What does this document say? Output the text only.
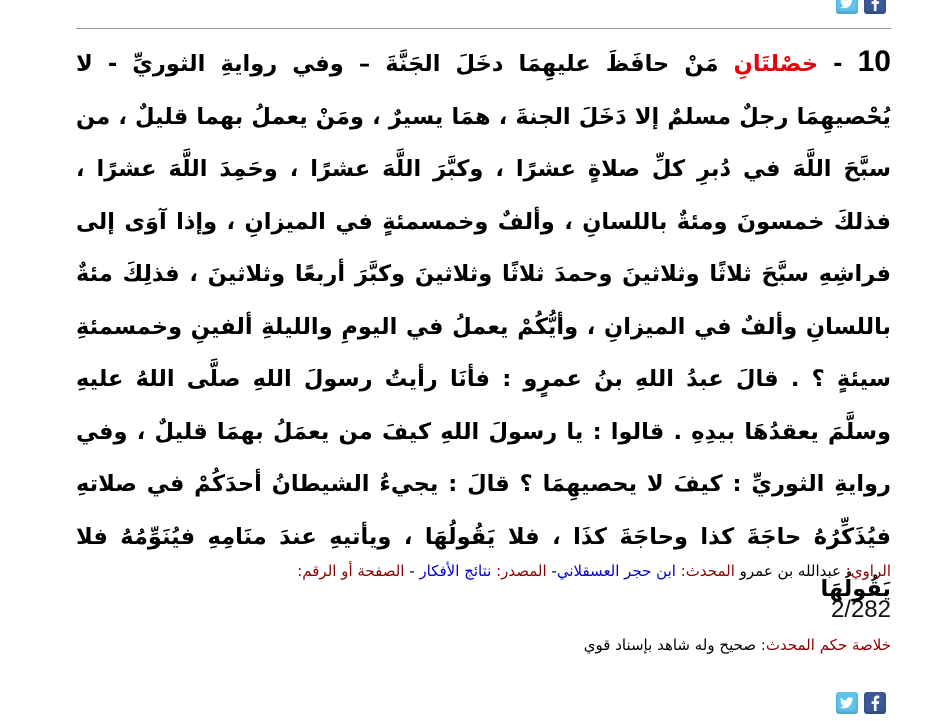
10 - خصْلتَانِ مَنْ حافَظَ عليهِمَا دخَلَ الجَنَّةَ – وفي روايةِ الثوريِّ - لا يُحْصيهِمَا رجلٌ مسلمٌ إلا دَخَلَ الجنةَ ، همَا يسيرٌ ، ومَنْ يعملُ بهما قليلٌ ، من سبَّحَ اللَّهَ في دُبرِ كلِّ صلاةٍ عشرًا ، وكبَّرَ اللَّهَ عشرًا ، وحَمِدَ اللَّهَ عشرًا ، فذلكَ خمسونَ ومئةٌ باللسانِ ، وألفٌ وخمسمئةٍ في الميزانِ ، وإذا آوَى إلى فراشِهِ سبَّحَ ثلاثًا وثلاثينَ وحمدَ ثلاثًا وثلاثينَ وكبَّرَ أربعًا وثلاثينَ ، فذلِكَ مئةٌ باللسانِ وألفٌ في الميزانِ ، وأيُّكُمْ يعملُ في اليومِ والليلةِ ألفينِ وخمسمئةِ سيئةٍ ؟ . قالَ عبدُ اللهِ بنُ عمرٍو : فأنَا رأيتُ رسولَ اللهِ صلَّى اللهُ عليهِ وسلَّمَ يعقدُهَا بيدِهِ . قالوا : يا رسولَ اللهِ كيفَ من يعمَلُ بهمَا قليلٌ ، وفي روايةِ الثوريِّ : كيفَ لا يحصيهِمَا ؟ قالَ : يجيءُ الشيطانُ أحدَكُمْ في صلاتهِ فيُذَكِّرُهُ حاجَةَ كذا وحاجَةَ كذَا ، فلا يَقُولُهَا ، ويأتيهِ عندَ منَامِهِ فيُنَوِّمُهُ فلا يَقُولُهَا
الراوي: عبدالله بن عمرو المحدث: ابن حجر العسقلاني- المصدر: نتائج الأفكار - الصفحة أو الرقم:
2/282
خلاصة حكم المحدث: صحيح وله شاهد بإسناد قوي
